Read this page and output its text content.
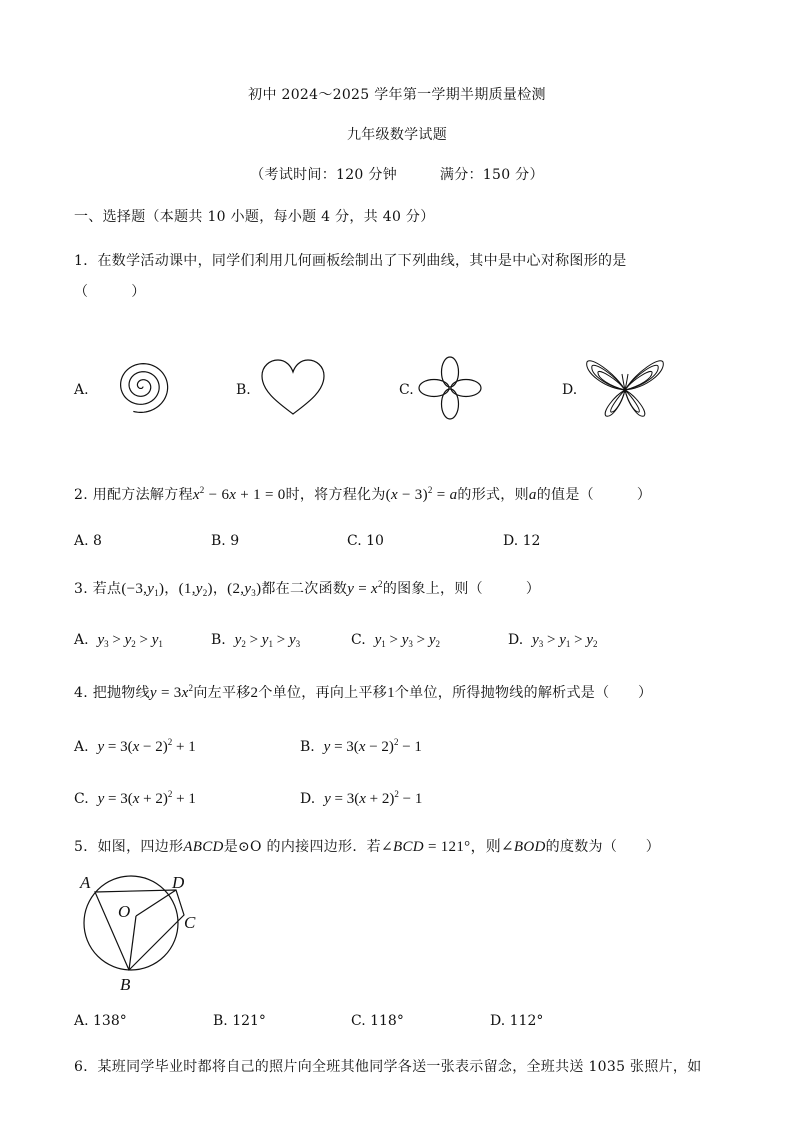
初中 2024～2025 学年第一学期半期质量检测
九年级数学试题
（考试时间：120 分钟　　　满分：150 分）
一、选择题（本题共 10 小题，每小题 4 分，共 40 分）
1．在数学活动课中，同学们利用几何画板绘制出了下列曲线，其中是中心对称图形的是
（　　　）
A.	B.	C.	D.
2. 用配方法解方程$x^2 - 6x + 1 = 0$时，将方程化为$(x - 3)^2 = a$的形式，则a的值是（　　　）
A. 8	B. 9	C. 10	D. 12
3. 若点$(-3,y_1)$，$(1,y_2)$，$(2,y_3)$都在二次函数$y = x^2$的图象上，则（　　　）
A. $y_3 > y_2 > y_1$	B. $y_2 > y_1 > y_3$	C. $y_1 > y_3 > y_2$	D. $y_3 > y_1 > y_2$
4. 把抛物线$y = 3x^2$向左平移2个单位，再向上平移1个单位，所得抛物线的解析式是（　　）
A. $y = 3(x - 2)^2 + 1$	B. $y = 3(x - 2)^2 - 1$
C. $y = 3(x + 2)^2 + 1$	D. $y = 3(x + 2)^2 - 1$
5．如图，四边形ABCD是⊙O 的内接四边形．若∠BCD = 121°，则∠BOD的度数为（　　）
A	D
O
C
B
A. 138°	B. 121°	C. 118°	D. 112°
6．某班同学毕业时都将自己的照片向全班其他同学各送一张表示留念，全班共送 1035 张照片，如
